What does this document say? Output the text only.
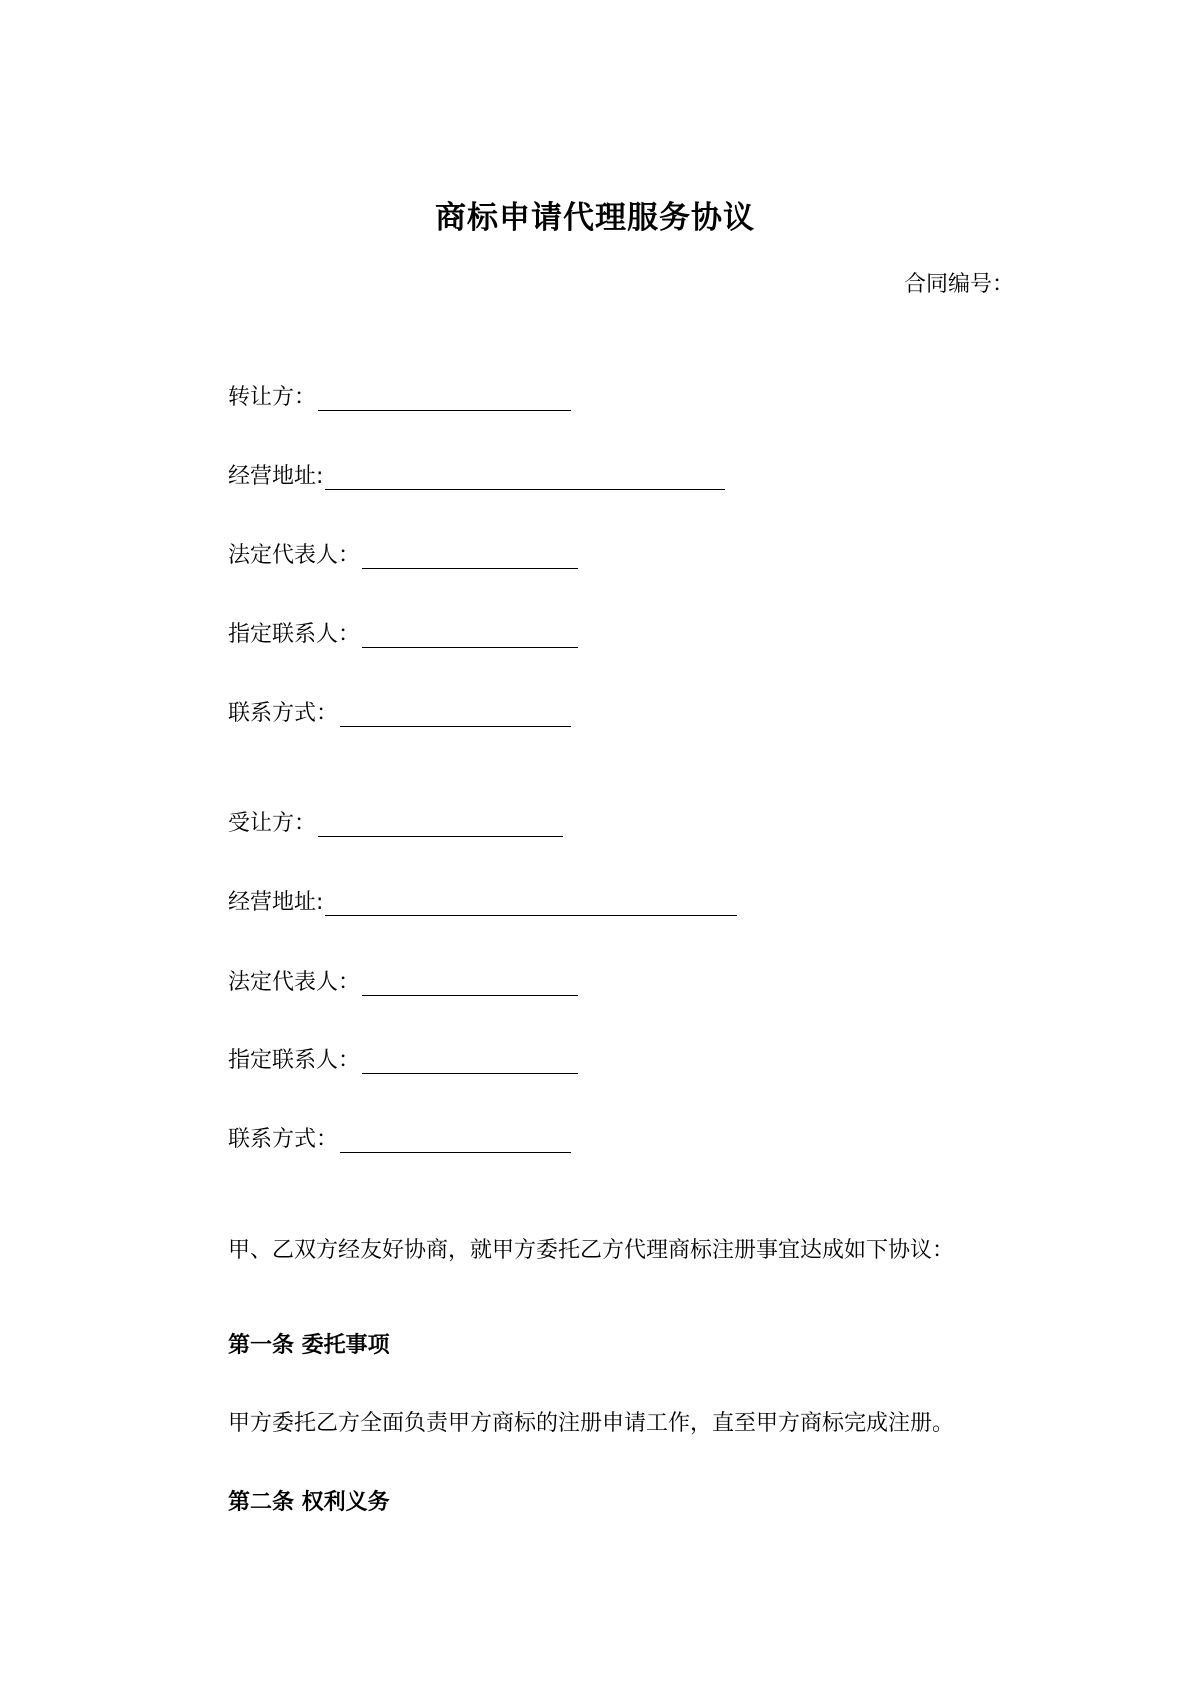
商标申请代理服务协议
合同编号：
转让方：
经营地址:
法定代表人：
指定联系人：
联系方式：
受让方：
经营地址:
法定代表人：
指定联系人：
联系方式：
甲、乙双方经友好协商，就甲方委托乙方代理商标注册事宜达成如下协议：
第一条 委托事项
甲方委托乙方全面负责甲方商标的注册申请工作，直至甲方商标完成注册。
第二条 权利义务
